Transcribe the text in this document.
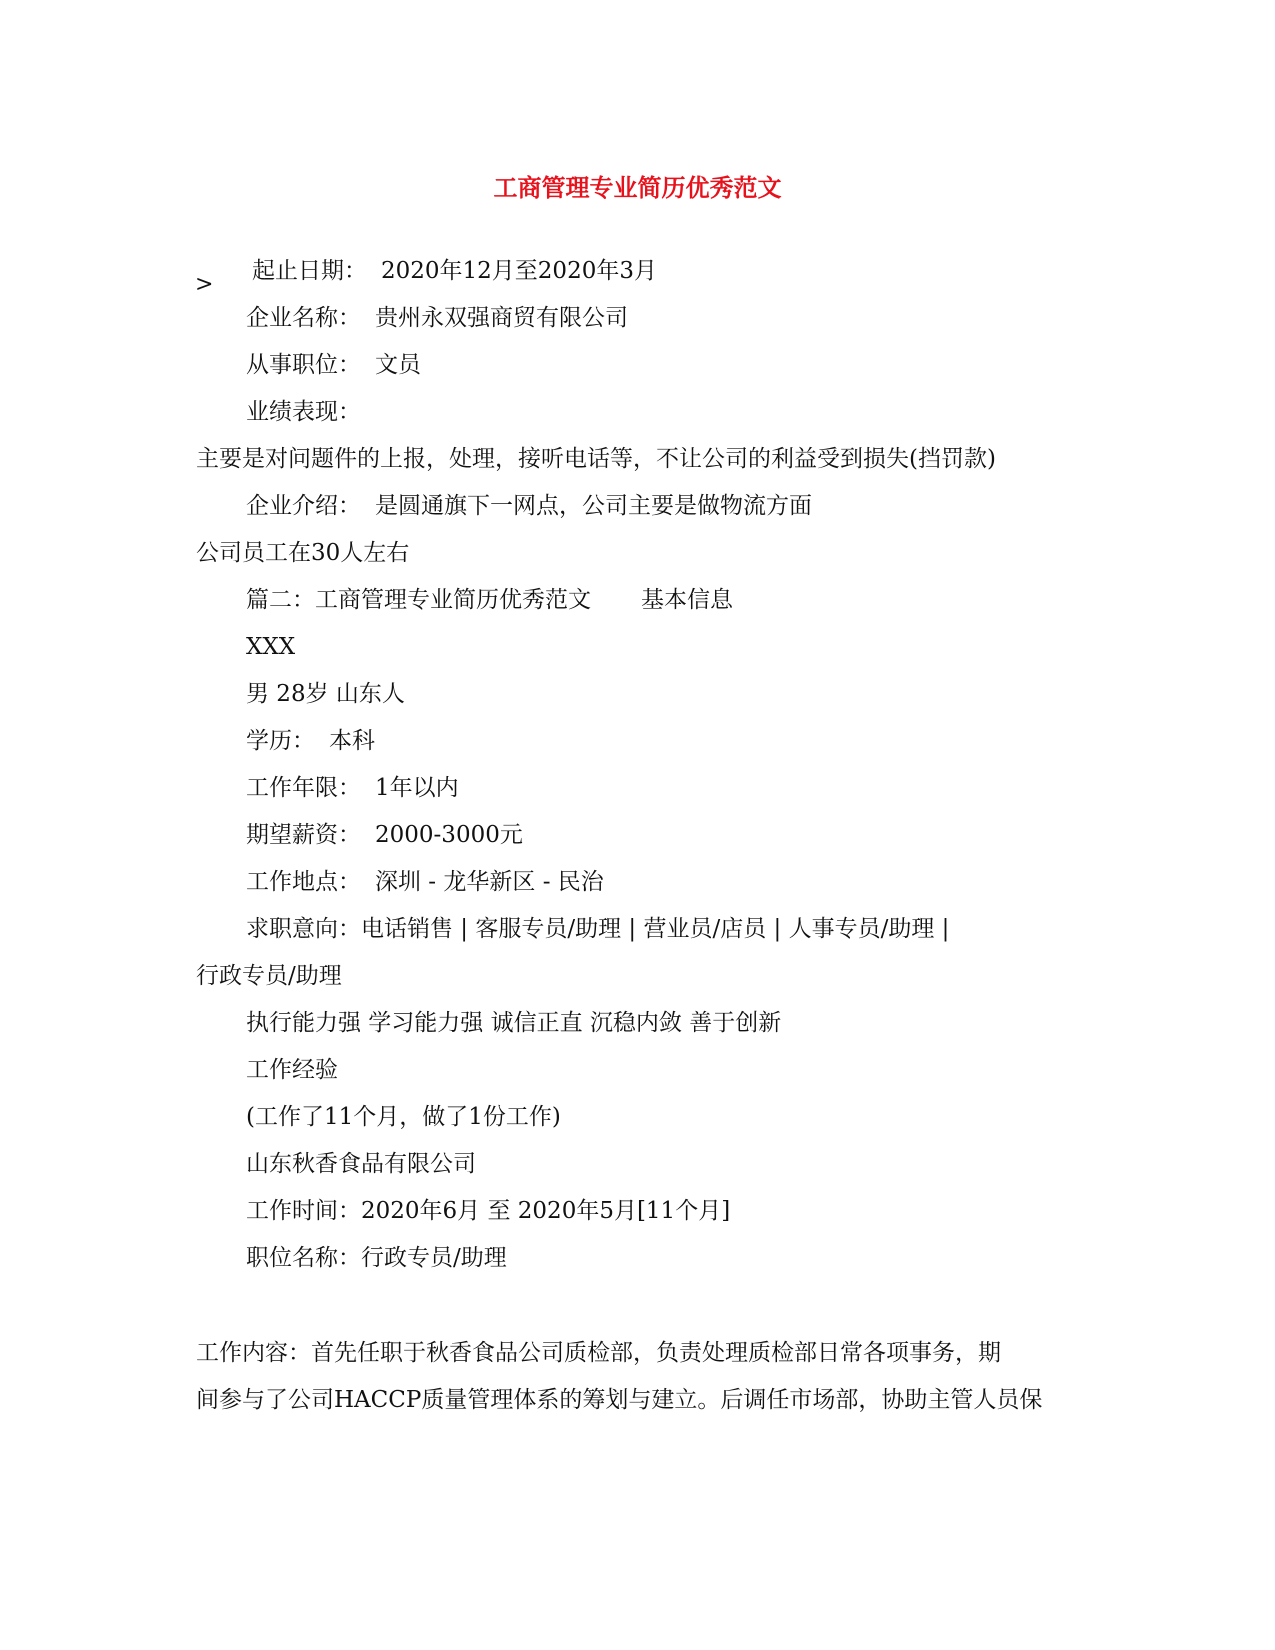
工商管理专业简历优秀范文
>
起止日期： 2020年12月至2020年3月
企业名称： 贵州永双强商贸有限公司
从事职位： 文员
业绩表现：
主要是对问题件的上报，处理，接听电话等，不让公司的利益受到损失(挡罚款)
企业介绍： 是圆通旗下一网点，公司主要是做物流方面
公司员工在30人左右
篇二：工商管理专业简历优秀范文 基本信息
XXX
男 28岁 山东人
学历： 本科
工作年限： 1年以内
期望薪资： 2000-3000元
工作地点： 深圳 - 龙华新区 - 民治
求职意向：电话销售 | 客服专员/助理 | 营业员/店员 | 人事专员/助理 |
行政专员/助理
执行能力强 学习能力强 诚信正直 沉稳内敛 善于创新
工作经验
(工作了11个月，做了1份工作)
山东秋香食品有限公司
工作时间：2020年6月 至 2020年5月[11个月]
职位名称：行政专员/助理
工作内容：首先任职于秋香食品公司质检部，负责处理质检部日常各项事务，期
间参与了公司HACCP质量管理体系的筹划与建立。后调任市场部，协助主管人员保
